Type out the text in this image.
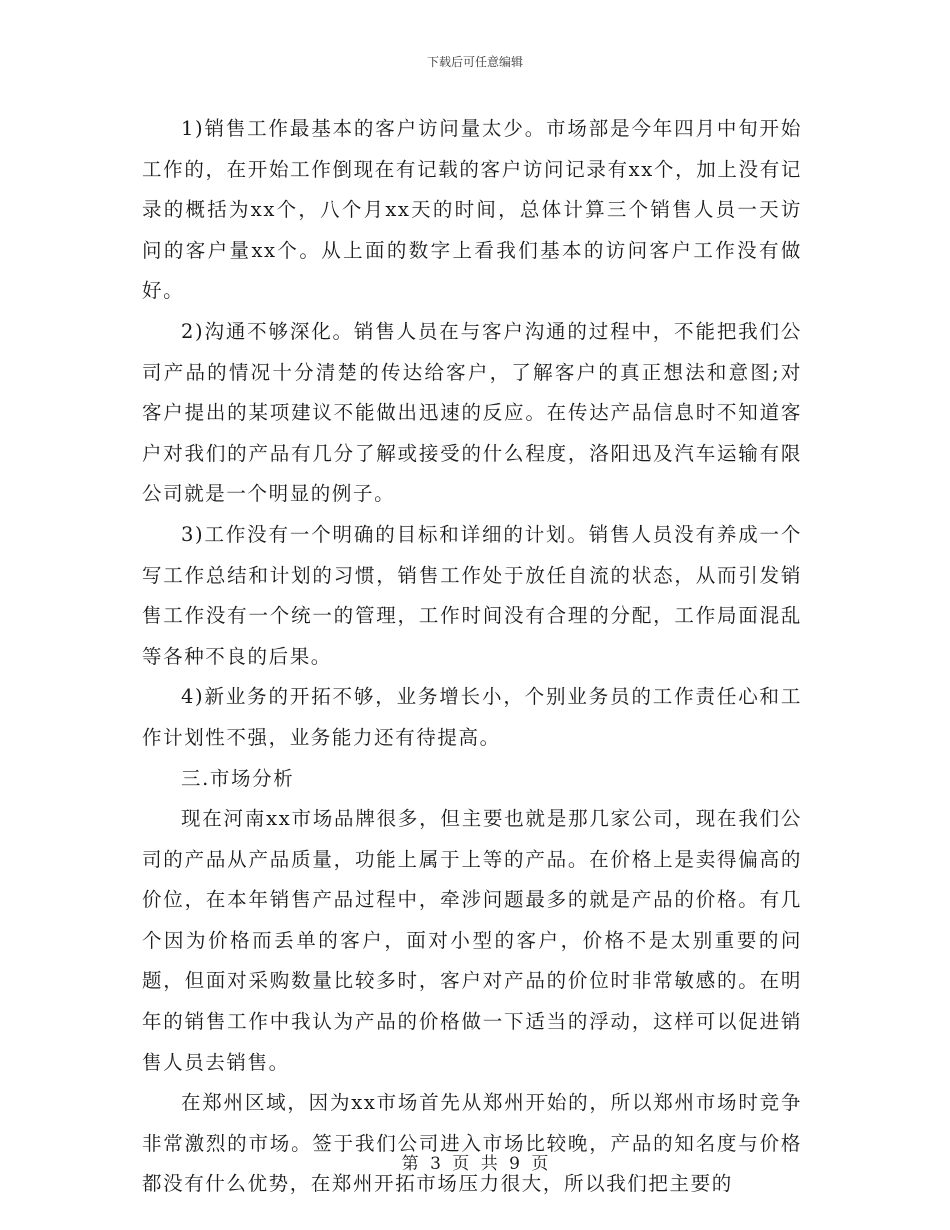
下载后可任意编辑

1)销售工作最基本的客户访问量太少。市场部是今年四月中旬开始工作的，在开始工作倒现在有记载的客户访问记录有xx个，加上没有记录的概括为xx个，八个月xx天的时间，总体计算三个销售人员一天访问的客户量xx个。从上面的数字上看我们基本的访问客户工作没有做好。

2)沟通不够深化。销售人员在与客户沟通的过程中，不能把我们公司产品的情况十分清楚的传达给客户，了解客户的真正想法和意图;对客户提出的某项建议不能做出迅速的反应。在传达产品信息时不知道客户对我们的产品有几分了解或接受的什么程度，洛阳迅及汽车运输有限公司就是一个明显的例子。

3)工作没有一个明确的目标和详细的计划。销售人员没有养成一个写工作总结和计划的习惯，销售工作处于放任自流的状态，从而引发销售工作没有一个统一的管理，工作时间没有合理的分配，工作局面混乱等各种不良的后果。

4)新业务的开拓不够，业务增长小，个别业务员的工作责任心和工作计划性不强，业务能力还有待提高。

三.市场分析

现在河南xx市场品牌很多，但主要也就是那几家公司，现在我们公司的产品从产品质量，功能上属于上等的产品。在价格上是卖得偏高的价位，在本年销售产品过程中，牵涉问题最多的就是产品的价格。有几个因为价格而丢单的客户，面对小型的客户，价格不是太别重要的问题，但面对采购数量比较多时，客户对产品的价位时非常敏感的。在明年的销售工作中我认为产品的价格做一下适当的浮动，这样可以促进销售人员去销售。

在郑州区域，因为xx市场首先从郑州开始的，所以郑州市场时竞争非常激烈的市场。签于我们公司进入市场比较晚，产品的知名度与价格都没有什么优势，在郑州开拓市场压力很大，所以我们把主要的

第 3 页 共 9 页
